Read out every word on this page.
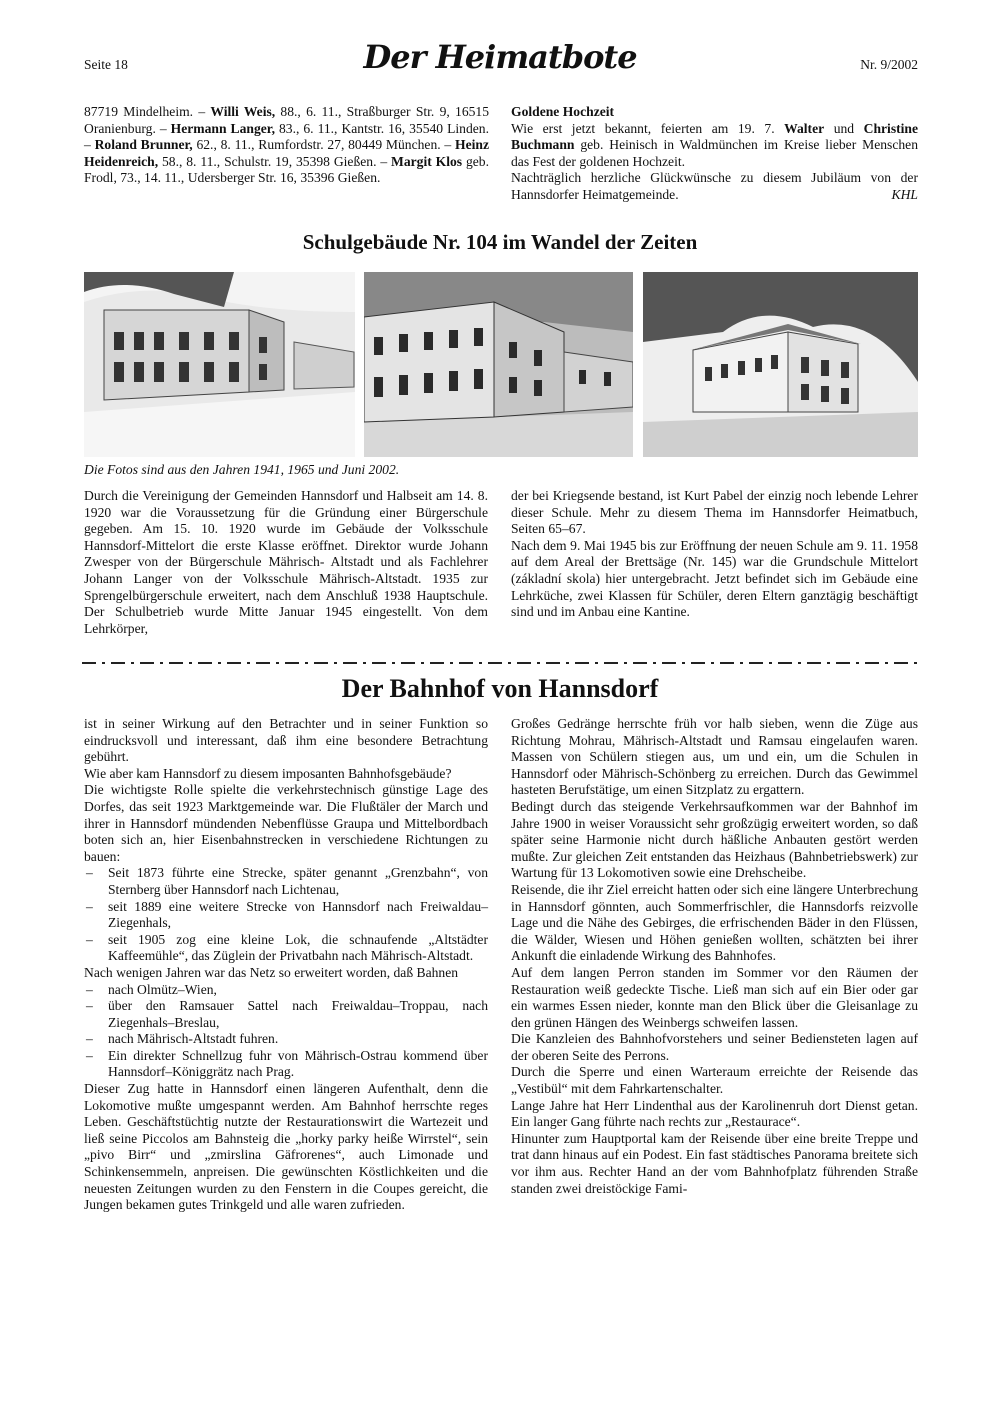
Seite 18	Der Heimatbote	Nr. 9/2002

87719 Mindelheim. – Willi Weis, 88., 6. 11., Straßburger Str. 9, 16515 Oranienburg. – Hermann Langer, 83., 6. 11., Kantstr. 16, 35540 Linden. – Roland Brunner, 62., 8. 11., Rumfordstr. 27, 80449 München. – Heinz Heidenreich, 58., 8. 11., Schulstr. 19, 35398 Gießen. – Margit Klos geb. Frodl, 73., 14. 11., Udersberger Str. 16, 35396 Gießen.

Goldene Hochzeit

Wie erst jetzt bekannt, feierten am 19. 7. Walter und Christine Buchmann geb. Heinisch in Waldmünchen im Kreise lieber Menschen das Fest der goldenen Hochzeit.

Nachträglich herzliche Glückwünsche zu diesem Jubiläum von der Hannsdorfer Heimatgemeinde.	KHL

Schulgebäude Nr. 104 im Wandel der Zeiten
Die Fotos sind aus den Jahren 1941, 1965 und Juni 2002.

Durch die Vereinigung der Gemeinden Hannsdorf und Halbseit am 14. 8. 1920 war die Voraussetzung für die Gründung einer Bürgerschule gegeben. Am 15. 10. 1920 wurde im Gebäude der Volksschule Hannsdorf-Mittelort die erste Klasse eröffnet. Direktor wurde Johann Zwesper von der Bürgerschule Mährisch- Altstadt und als Fachlehrer Johann Langer von der Volksschule Mährisch-Altstadt. 1935 zur Sprengelbürgerschule erweitert, nach dem Anschluß 1938 Hauptschule. Der Schulbetrieb wurde Mitte Januar 1945 eingestellt. Von dem Lehrkörper,

der bei Kriegsende bestand, ist Kurt Pabel der einzig noch lebende Lehrer dieser Schule. Mehr zu diesem Thema im Hannsdorfer Heimatbuch, Seiten 65–67.

Nach dem 9. Mai 1945 bis zur Eröffnung der neuen Schule am 9. 11. 1958 auf dem Areal der Brettsäge (Nr. 145) war die Grundschule Mittelort (základní skola) hier untergebracht. Jetzt befindet sich im Gebäude eine Lehrküche, zwei Klassen für Schüler, deren Eltern ganztägig beschäftigt sind und im Anbau eine Kantine.

Der Bahnhof von Hannsdorf

ist in seiner Wirkung auf den Betrachter und in seiner Funktion so eindrucksvoll und interessant, daß ihm eine besondere Betrachtung gebührt.

Wie aber kam Hannsdorf zu diesem imposanten Bahnhofsgebäude?

Die wichtigste Rolle spielte die verkehrstechnisch günstige Lage des Dorfes, das seit 1923 Marktgemeinde war. Die Flußtäler der March und ihrer in Hannsdorf mündenden Nebenflüsse Graupa und Mittelbordbach boten sich an, hier Eisenbahnstrecken in verschiedene Richtungen zu bauen:

– Seit 1873 führte eine Strecke, später genannt „Grenzbahn“, von Sternberg über Hannsdorf nach Lichtenau,
– seit 1889 eine weitere Strecke von Hannsdorf nach Freiwaldau–Ziegenhals,
– seit 1905 zog eine kleine Lok, die schnaufende „Altstädter Kaffeemühle“, das Züglein der Privatbahn nach Mährisch-Altstadt.

Nach wenigen Jahren war das Netz so erweitert worden, daß Bahnen

– nach Olmütz–Wien,
– über den Ramsauer Sattel nach Freiwaldau–Troppau, nach Ziegenhals–Breslau,
– nach Mährisch-Altstadt fuhren.
– Ein direkter Schnellzug fuhr von Mährisch-Ostrau kommend über Hannsdorf–Königgrätz nach Prag.

Dieser Zug hatte in Hannsdorf einen längeren Aufenthalt, denn die Lokomotive mußte umgespannt werden. Am Bahnhof herrschte reges Leben. Geschäftstüchtig nutzte der Restaurationswirt die Wartezeit und ließ seine Piccolos am Bahnsteig die „horky parky heiße Wirrstel“, sein „pivo Birr“ und „zmirslina Gäfrorenes“, auch Limonade und Schinkensemmeln, anpreisen. Die gewünschten Köstlichkeiten und die neuesten Zeitungen wurden zu den Fenstern in die Coupes gereicht, die Jungen bekamen gutes Trinkgeld und alle waren zufrieden.

Großes Gedränge herrschte früh vor halb sieben, wenn die Züge aus Richtung Mohrau, Mährisch-Altstadt und Ramsau eingelaufen waren. Massen von Schülern stiegen aus, um und ein, um die Schulen in Hannsdorf oder Mährisch-Schönberg zu erreichen. Durch das Gewimmel hasteten Berufstätige, um einen Sitzplatz zu ergattern.

Bedingt durch das steigende Verkehrsaufkommen war der Bahnhof im Jahre 1900 in weiser Voraussicht sehr großzügig erweitert worden, so daß später seine Harmonie nicht durch häßliche Anbauten gestört werden mußte. Zur gleichen Zeit entstanden das Heizhaus (Bahnbetriebswerk) zur Wartung für 13 Lokomotiven sowie eine Drehscheibe.

Reisende, die ihr Ziel erreicht hatten oder sich eine längere Unterbrechung in Hannsdorf gönnten, auch Sommerfrischler, die Hannsdorfs reizvolle Lage und die Nähe des Gebirges, die erfrischenden Bäder in den Flüssen, die Wälder, Wiesen und Höhen genießen wollten, schätzten bei ihrer Ankunft die einladende Wirkung des Bahnhofes.

Auf dem langen Perron standen im Sommer vor den Räumen der Restauration weiß gedeckte Tische. Ließ man sich auf ein Bier oder gar ein warmes Essen nieder, konnte man den Blick über die Gleisanlage zu den grünen Hängen des Weinbergs schweifen lassen.

Die Kanzleien des Bahnhofvorstehers und seiner Bediensteten lagen auf der oberen Seite des Perrons.

Durch die Sperre und einen Warteraum erreichte der Reisende das „Vestibül“ mit dem Fahrkartenschalter.

Lange Jahre hat Herr Lindenthal aus der Karolinenruh dort Dienst getan. Ein langer Gang führte nach rechts zur „Restaurace“.

Hinunter zum Hauptportal kam der Reisende über eine breite Treppe und trat dann hinaus auf ein Podest. Ein fast städtisches Panorama breitete sich vor ihm aus. Rechter Hand an der vom Bahnhofplatz führenden Straße standen zwei dreistöckige Fami-
